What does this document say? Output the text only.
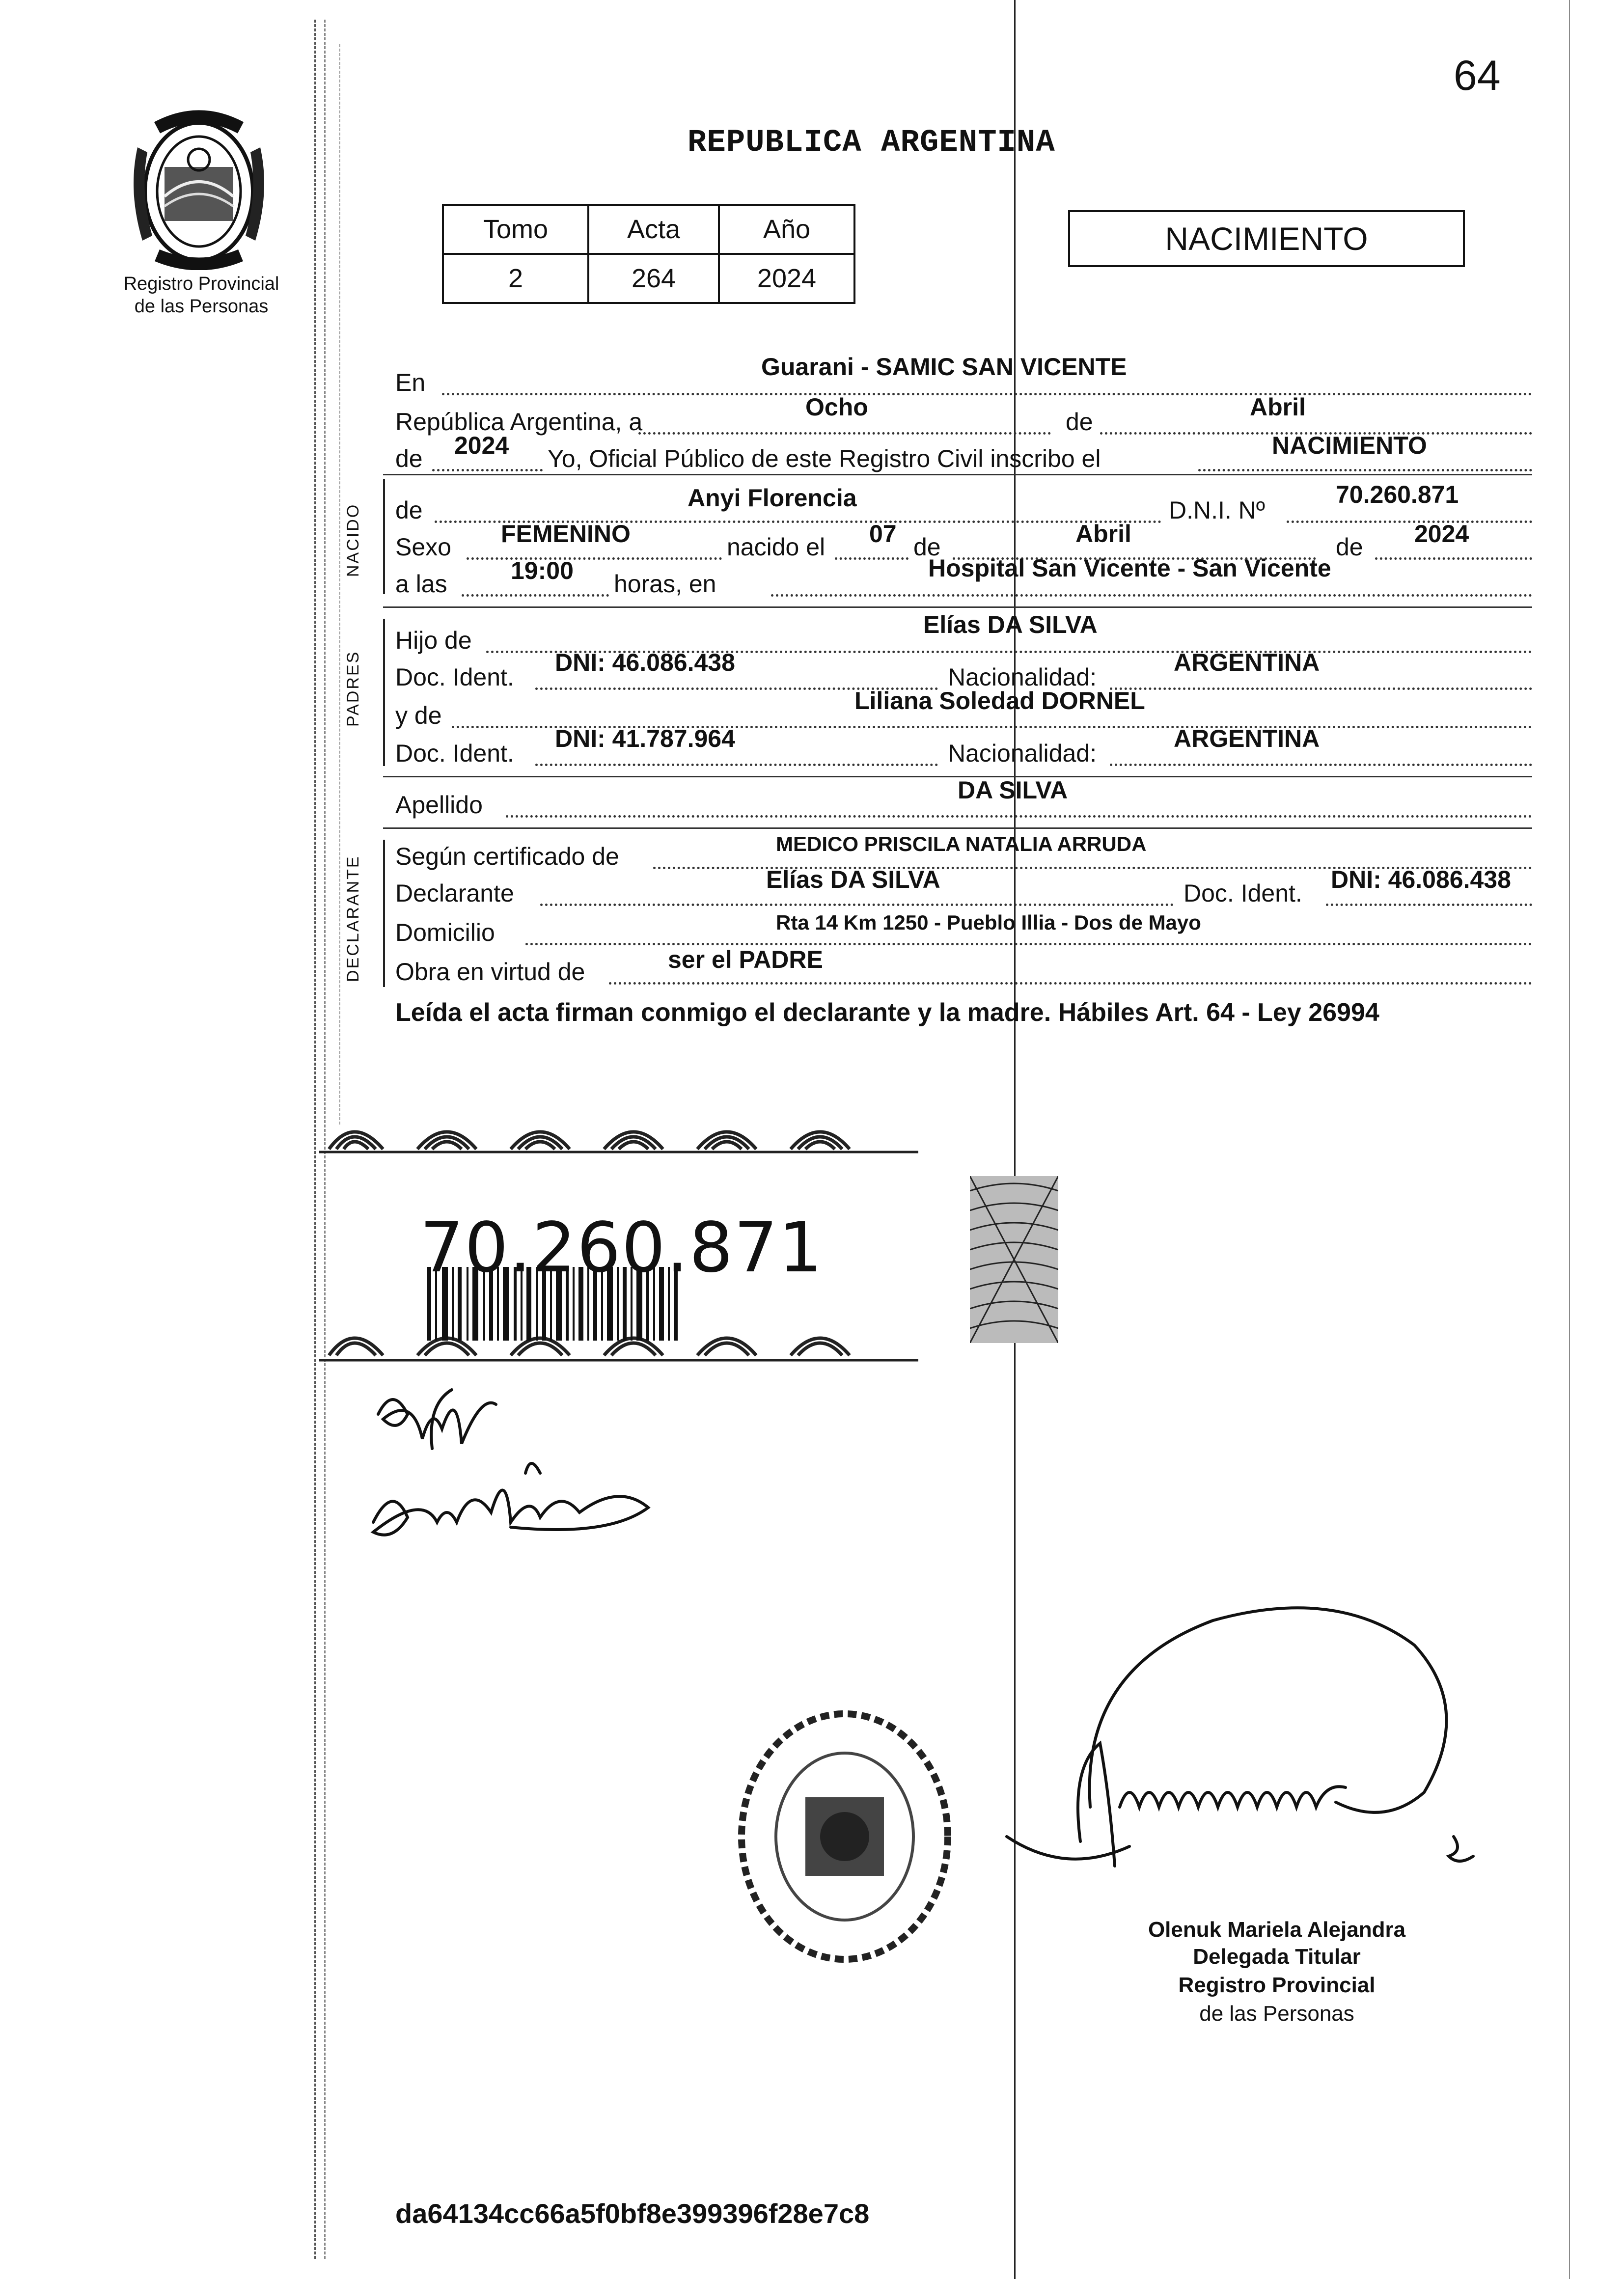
64
Registro Provincial
de las Personas
REPUBLICA ARGENTINA
Tomo	Acta	Año
2	264	2024
NACIMIENTO
En
Guarani - SAMIC SAN VICENTE
República Argentina, a
Ocho
de
Abril
de 2024 Yo, Oficial Público de este Registro Civil inscribo el	NACIMIENTO
NACIDO de	Anyi Florencia	D.N.I. Nº
70.260.871
Sexo FEMENINO	nacido el 07 de	Abril	de 2024
a las	19:00 horas, en
Hospital San Vicente - San Vicente
PADRES
Hijo de
Elías DA SILVA
Doc. Ident.
DNI: 46.086.438
Nacionalidad:
ARGENTINA
y de
Liliana Soledad DORNEL
Doc. Ident.
DNI: 41.787.964
Nacionalidad:
ARGENTINA
Apellido
DA SILVA
DECLARANTE Según certificado de	MEDICO PRISCILA NATALIA ARRUDA
Declarante	Elías DA SILVA	Doc. Ident. DNI: 46.086.438
Domicilio	Rta 14 Km 1250 - Pueblo Illia - Dos de Mayo
Obra en virtud de	ser el PADRE
Leída el acta firman conmigo el declarante y la madre. Hábiles Art. 64 - Ley 26994
70.260.871
Olenuk Mariela Alejandra
Delegada Titular
Registro Provincial
de las Personas
da64134cc66a5f0bf8e399396f28e7c8
